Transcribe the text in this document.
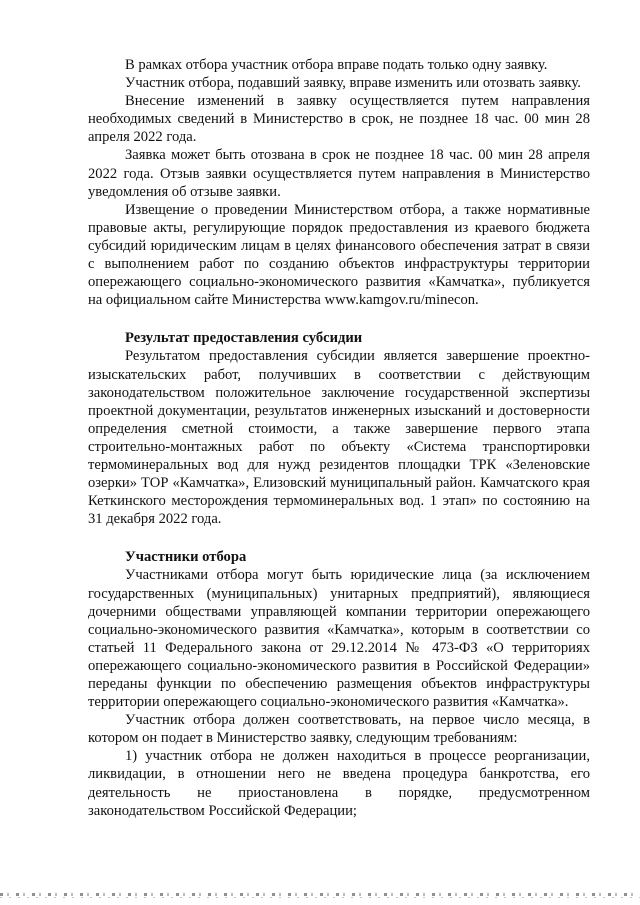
В рамках отбора участник отбора вправе подать только одну заявку.

Участник отбора, подавший заявку, вправе изменить или отозвать заявку.

Внесение изменений в заявку осуществляется путем направления необходимых сведений в Министерство в срок, не позднее 18 час. 00 мин 28 апреля 2022 года.

Заявка может быть отозвана в срок не позднее 18 час. 00 мин 28 апреля 2022 года. Отзыв заявки осуществляется путем направления в Министерство уведомления об отзыве заявки.

Извещение о проведении Министерством отбора, а также нормативные правовые акты, регулирующие порядок предоставления из краевого бюджета субсидий юридическим лицам в целях финансового обеспечения затрат в связи с выполнением работ по созданию объектов инфраструктуры территории опережающего социально-экономического развития «Камчатка», публикуется на официальном сайте Министерства www.kamgov.ru/minecon.

Результат предоставления субсидии

Результатом предоставления субсидии является завершение проектно-изыскательских работ, получивших в соответствии с действующим законодательством положительное заключение государственной экспертизы проектной документации, результатов инженерных изысканий и достоверности определения сметной стоимости, а также завершение первого этапа строительно-монтажных работ по объекту «Система транспортировки термоминеральных вод для нужд резидентов площадки ТРК «Зеленовские озерки» ТОР «Камчатка», Елизовский муниципальный район. Камчатского края Кеткинского месторождения термоминеральных вод. 1 этап» по состоянию на 31 декабря 2022 года.

Участники отбора

Участниками отбора могут быть юридические лица (за исключением государственных (муниципальных) унитарных предприятий), являющиеся дочерними обществами управляющей компании территории опережающего социально-экономического развития «Камчатка», которым в соответствии со статьей 11 Федерального закона от 29.12.2014 № 473-ФЗ «О территориях опережающего социально-экономического развития в Российской Федерации» переданы функции по обеспечению размещения объектов инфраструктуры территории опережающего социально-экономического развития «Камчатка».

Участник отбора должен соответствовать, на первое число месяца, в котором он подает в Министерство заявку, следующим требованиям:

1) участник отбора не должен находиться в процессе реорганизации, ликвидации, в отношении него не введена процедура банкротства, его деятельность не приостановлена в порядке, предусмотренном законодательством Российской Федерации;
